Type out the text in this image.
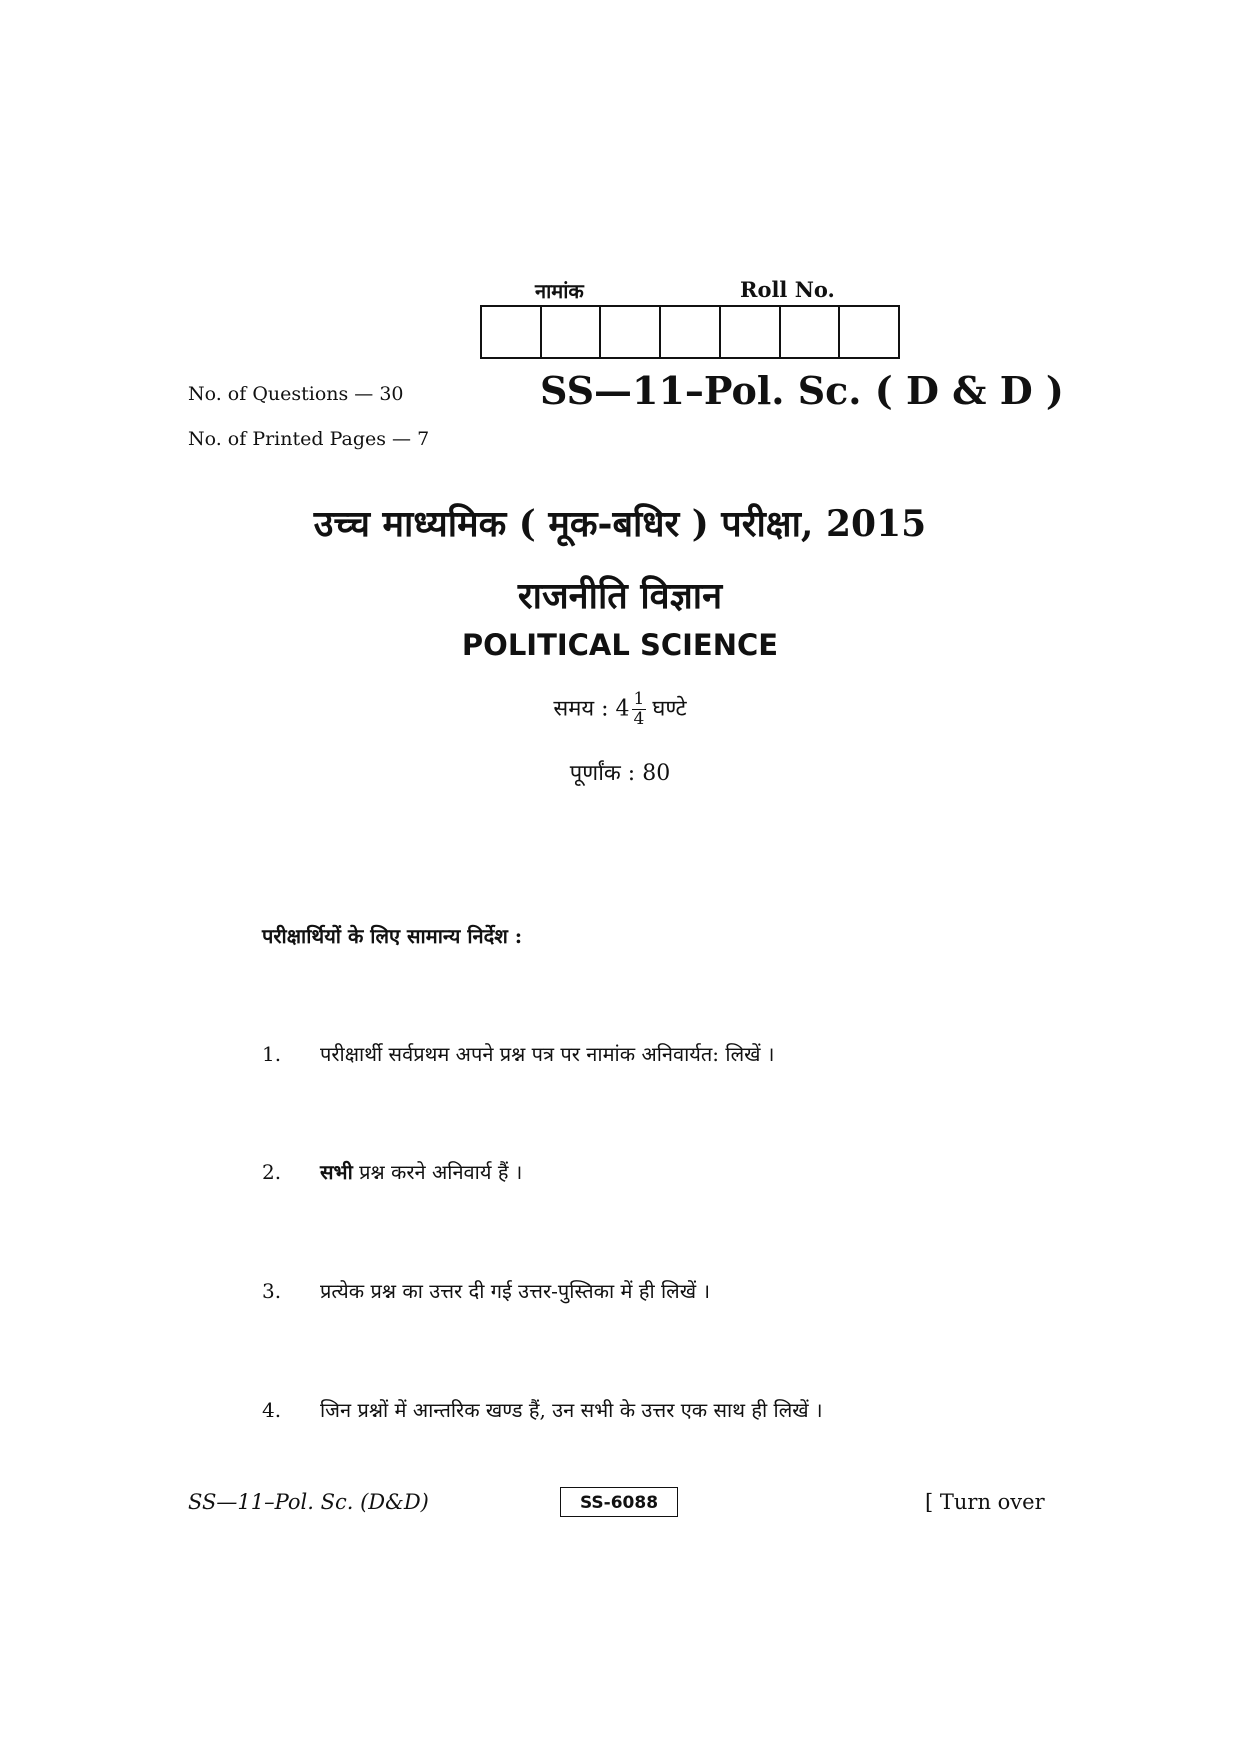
नामांक	Roll No.
No. of Questions — 30
No. of Printed Pages — 7
SS—11–Pol. Sc. ( D & D )
उच्च माध्यमिक ( मूक-बधिर ) परीक्षा, 2015
राजनीति विज्ञान
POLITICAL SCIENCE
समय : $4 \frac{1}{4}$ घण्टे
पूर्णांक : 80
परीक्षार्थियों के लिए सामान्य निर्देश :
1. परीक्षार्थी सर्वप्रथम अपने प्रश्न पत्र पर नामांक अनिवार्यत: लिखें ।
2. सभी प्रश्न करने अनिवार्य हैं ।
3. प्रत्येक प्रश्न का उत्तर दी गई उत्तर-पुस्तिका में ही लिखें ।
4. जिन प्रश्नों में आन्तरिक खण्ड हैं, उन सभी के उत्तर एक साथ ही लिखें ।
SS—11–Pol. Sc. (D&D)	SS-6088	[ Turn over
